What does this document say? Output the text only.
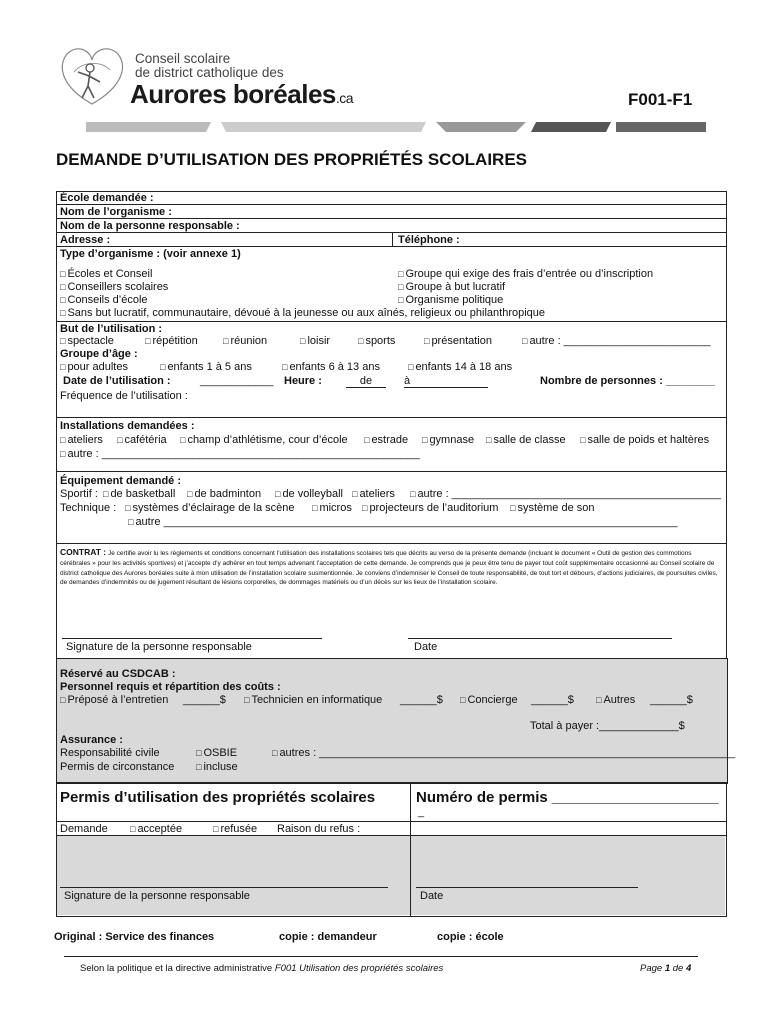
Conseil scolaire
de district catholique des
Aurores boréales.ca	F001-F1
DEMANDE D’UTILISATION DES PROPRIÉTÉS SCOLAIRES
École demandée :
Nom de l’organisme :
Nom de la personne responsable :
Adresse :	Téléphone :
Type d’organisme : (voir annexe 1)
□ Écoles et Conseil
□ Conseillers scolaires
□ Conseils d’école
□ Groupe qui exige des frais d’entrée ou d’inscription
□ Groupe à but lucratif
□ Organisme politique
□ Sans but lucratif, communautaire, dévoué à la jeunesse ou aux aînés, religieux ou philanthropique
But de l’utilisation :
□ spectacle	□ répétition	□ réunion	□ loisir	□ sports	□ présentation	□ autre : ________________________
Groupe d’âge :
□ pour adultes	□ enfants 1 à 5 ans	□ enfants 6 à 13 ans	□ enfants 14 à 18 ans
Date de l’utilisation :	____________ Heure :	de	à	Nombre de personnes : ________
Fréquence de l’utilisation :
Installations demandées :
□ ateliers	□ cafétéria	□ champ d’athlétisme, cour d’école	□ estrade	□ gymnase	□ salle de classe	□ salle de poids et haltères
□ autre : ____________________________________________________
Équipement demandé :
Sportif :	□ de basketball	□ de badminton	□ de volleyball	□ ateliers	□ autre : ____________________________________________
Technique :	□ systèmes d’éclairage de la scène	□ micros	□ projecteurs de l’auditorium	□ système de son
□ autre ____________________________________________________________________________________
CONTRAT : Je certifie avoir lu les règlements et conditions concernant l’utilisation des installations scolaires tels que décrits au verso de la présente demande (incluant le document « Outil de gestion des commotions cérébrales » pour les activités sportives) et j’accepte d’y adhérer en tout temps advenant l’acceptation de cette demande. Je comprends que je peux être tenu de payer tout coût supplémentaire occasionné au Conseil scolaire de district catholique des Aurores boréales suite à mon utilisation de l’installation scolaire susmentionnée. Je conviens d’indemniser le Conseil de toute responsabilité, de tout tort et débours, d’actions judiciaires, de poursuites civiles, de demandes d’indemnités ou de jugement résultant de lésions corporelles, de dommages matériels ou d’un décès sur les lieux de l’installation scolaire.
Signature de la personne responsable	Date
Réservé au CSDCAB :
Personnel requis et répartition des coûts :
□ Préposé à l’entretien ______$	□ Technicien en informatique ______$	□ Concierge ______$	□ Autres ______$
Total à payer :_____________$
Assurance :
Responsabilité civile	□ OSBIE	□ autres : ____________________________________________________________________
Permis de circonstance	□ incluse
Permis d’utilisation des propriétés scolaires	Numéro de permis ____________________
_
Demande	□ acceptée	□ refusée Raison du refus :
Signature de la personne responsable	Date
Original : Service des finances	copie : demandeur	copie : école
Selon la politique et la directive administrative F001 Utilisation des propriétés scolaires	Page 1 de 4
